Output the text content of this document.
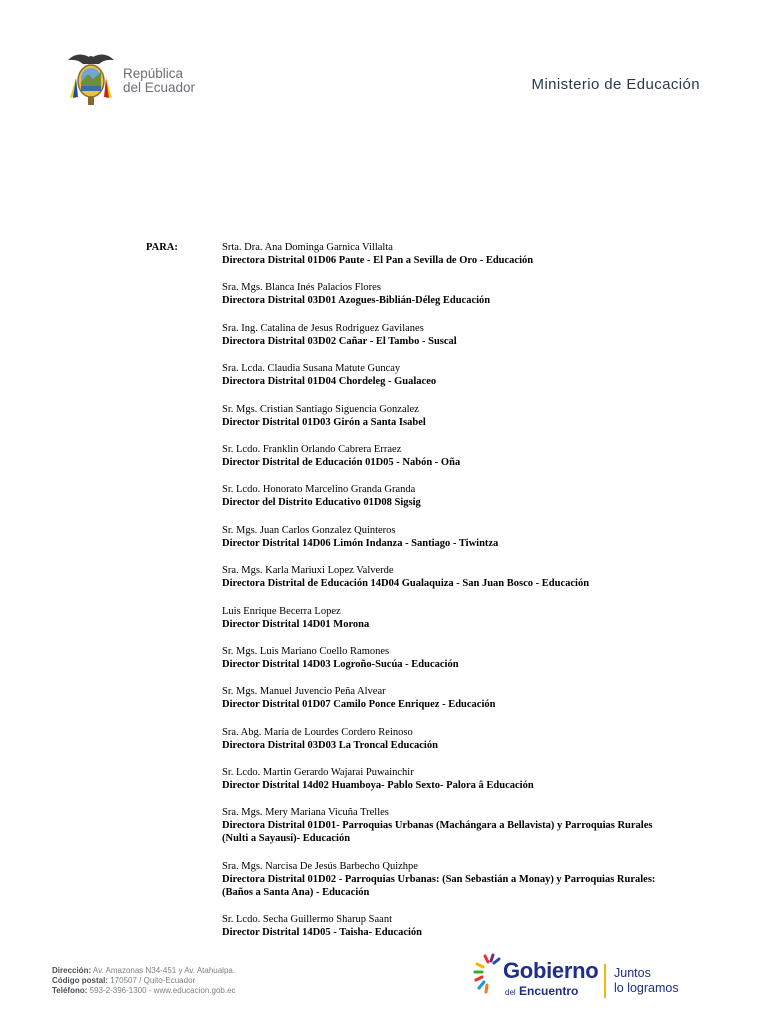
República
del Ecuador	Ministerio de Educación
PARA:	Srta. Dra. Ana Dominga Garnica Villalta
Directora Distrital 01D06 Paute - El Pan a Sevilla de Oro - Educación
Sra. Mgs. Blanca Inés Palacios Flores
Directora Distrital 03D01 Azogues-Biblián-Déleg Educación
Sra. Ing. Catalina de Jesus Rodriguez Gavilanes
Directora Distrital 03D02 Cañar - El Tambo - Suscal
Sra. Lcda. Claudia Susana Matute Guncay
Directora Distrital 01D04 Chordeleg - Gualaceo
Sr. Mgs. Cristian Santiago Siguencia Gonzalez
Director Distrital 01D03 Girón a Santa Isabel
Sr. Lcdo. Franklin Orlando Cabrera Erraez
Director Distrital de Educación 01D05 - Nabón - Oña
Sr. Lcdo. Honorato Marcelino Granda Granda
Director del Distrito Educativo 01D08 Sigsig
Sr. Mgs. Juan Carlos Gonzalez Quinteros
Director Distrital 14D06 Limón Indanza - Santiago - Tiwintza
Sra. Mgs. Karla Mariuxi Lopez Valverde
Directora Distrital de Educación 14D04 Gualaquiza - San Juan Bosco - Educación
Luis Enrique Becerra Lopez
Director Distrital 14D01 Morona
Sr. Mgs. Luis Mariano Coello Ramones
Director Distrital 14D03 Logroño-Sucúa - Educación
Sr. Mgs. Manuel Juvencio Peña Alvear
Director Distrital 01D07 Camilo Ponce Enriquez - Educación
Sra. Abg. María de Lourdes Cordero Reinoso
Directora Distrital 03D03 La Troncal Educación
Sr. Lcdo. Martin Gerardo Wajarai Puwainchir
Director Distrital 14d02 Huamboya- Pablo Sexto- Palora â Educación
Sra. Mgs. Mery Mariana Vicuña Trelles
Directora Distrital 01D01- Parroquias Urbanas (Machángara a Bellavista) y Parroquias Rurales (Nulti a Sayausí)- Educación
Sra. Mgs. Narcisa De Jesús Barbecho Quizhpe
Directora Distrital 01D02 - Parroquias Urbanas: (San Sebastián a Monay) y Parroquias Rurales: (Baños a Santa Ana) - Educación
Sr. Lcdo. Secha Guillermo Sharup Saant
Director Distrital 14D05 - Taisha- Educación
Dirección: Av. Amazonas N34-451 y Av. Atahualpa.
Código postal: 170507 / Quito-Ecuador
Teléfono: 593-2-396-1300 - www.educacion.gob.ec
Gobierno
del Encuentro
Juntos
lo logramos
